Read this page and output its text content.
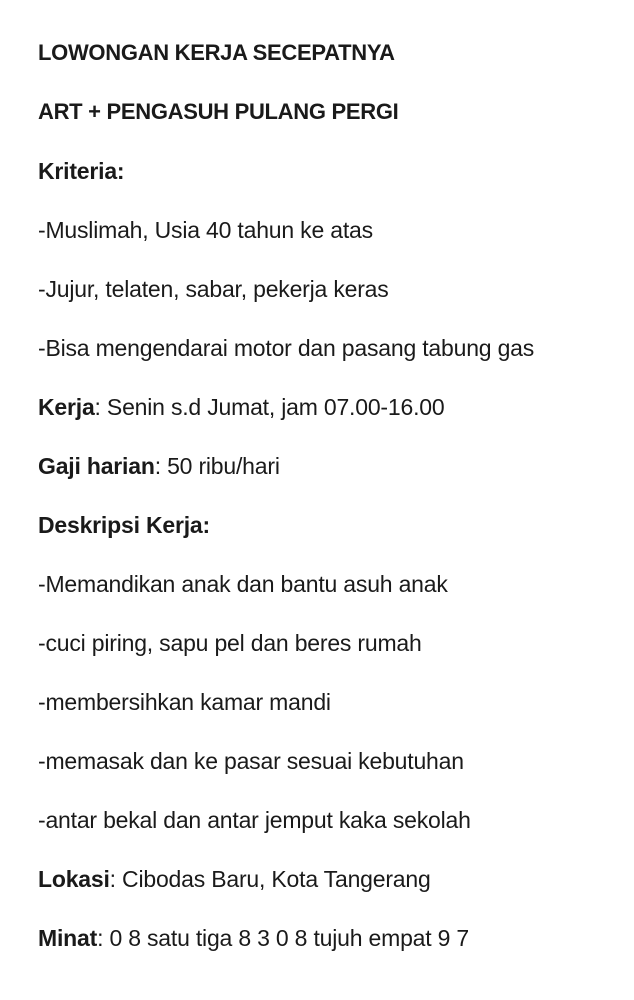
LOWONGAN KERJA SECEPATNYA
ART + PENGASUH PULANG PERGI
Kriteria:
-Muslimah, Usia 40 tahun ke atas
-Jujur, telaten, sabar, pekerja keras
-Bisa mengendarai motor dan pasang tabung gas
Kerja: Senin s.d Jumat, jam 07.00-16.00
Gaji harian: 50 ribu/hari
Deskripsi Kerja:
-Memandikan anak dan bantu asuh anak
-cuci piring, sapu pel dan beres rumah
-membersihkan kamar mandi
-memasak dan ke pasar sesuai kebutuhan
-antar bekal dan antar jemput kaka sekolah
Lokasi: Cibodas Baru, Kota Tangerang
Minat: 0 8 satu tiga 8 3 0 8 tujuh empat 9 7
